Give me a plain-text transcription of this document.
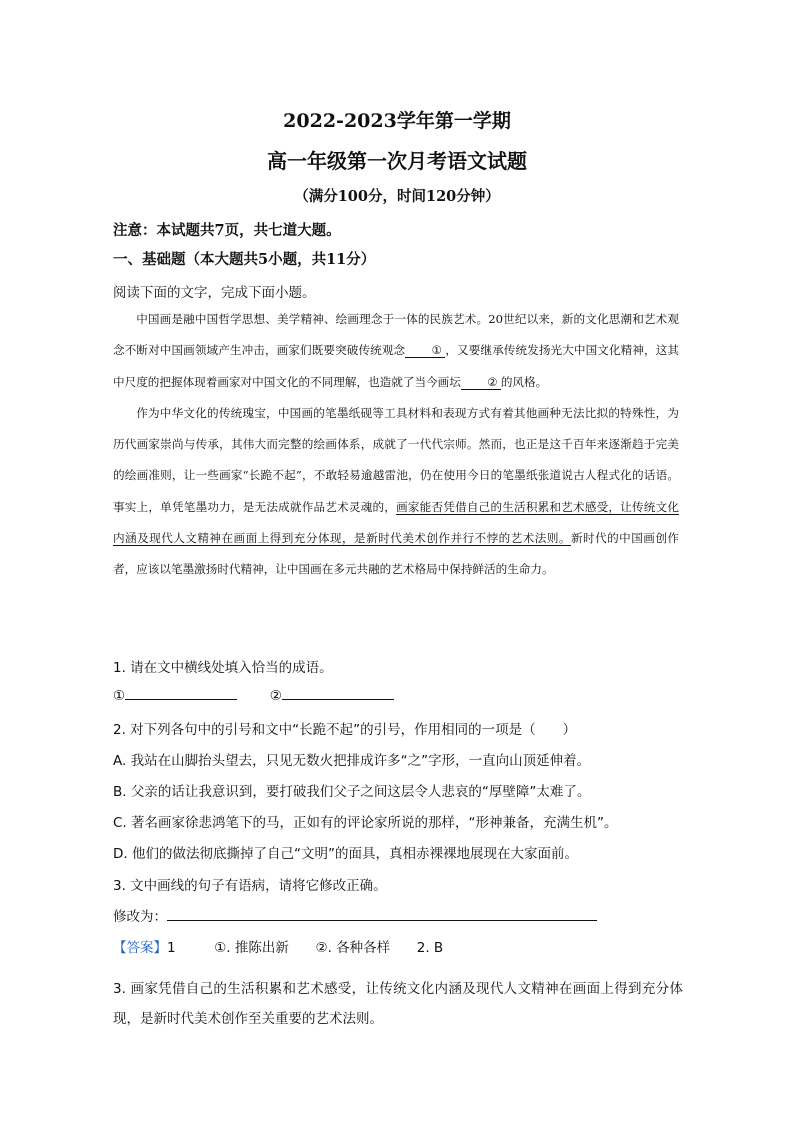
2022-2023学年第一学期
高一年级第一次月考语文试题
（满分100分，时间120分钟）
注意：本试题共7页，共七道大题。
一、基础题（本大题共5小题，共11分）
阅读下面的文字，完成下面小题。

中国画是融中国哲学思想、美学精神、绘画理念于一体的民族艺术。20世纪以来，新的文化思潮和艺术观念不断对中国画领域产生冲击，画家们既要突破传统观念 ① ，又要继承传统发扬光大中国文化精神，这其中尺度的把握体现着画家对中国文化的不同理解，也造就了当今画坛 ② 的风格。

作为中华文化的传统瑰宝，中国画的笔墨纸砚等工具材料和表现方式有着其他画种无法比拟的特殊性，为历代画家崇尚与传承，其伟大而完整的绘画体系，成就了一代代宗师。然而，也正是这千百年来逐渐趋于完美的绘画准则，让一些画家“长跪不起”，不敢轻易逾越雷池，仍在使用今日的笔墨纸张道说古人程式化的话语。事实上，单凭笔墨功力，是无法成就作品艺术灵魂的，画家能否凭借自己的生活积累和艺术感受，让传统文化内涵及现代人文精神在画面上得到充分体现，是新时代美术创作并行不悖的艺术法则。新时代的中国画创作者，应该以笔墨激扬时代精神，让中国画在多元共融的艺术格局中保持鲜活的生命力。

1. 请在文中横线处填入恰当的成语。
①	②
2. 对下列各句中的引号和文中“长跪不起”的引号，作用相同的一项是（　　）
A. 我站在山脚抬头望去，只见无数火把排成许多“之”字形，一直向山顶延伸着。
B. 父亲的话让我意识到，要打破我们父子之间这层令人悲哀的“厚壁障”太难了。
C. 著名画家徐悲鸿笔下的马，正如有的评论家所说的那样，“形神兼备，充满生机”。
D. 他们的做法彻底撕掉了自己“文明”的面具，真相赤裸裸地展现在大家面前。
3. 文中画线的句子有语病，请将它修改正确。
修改为：
【答案】1	①. 推陈出新 ②. 各种各样 2. B
3. 画家凭借自己的生活积累和艺术感受，让传统文化内涵及现代人文精神在画面上得到充分体现，是新时代美术创作至关重要的艺术法则。
